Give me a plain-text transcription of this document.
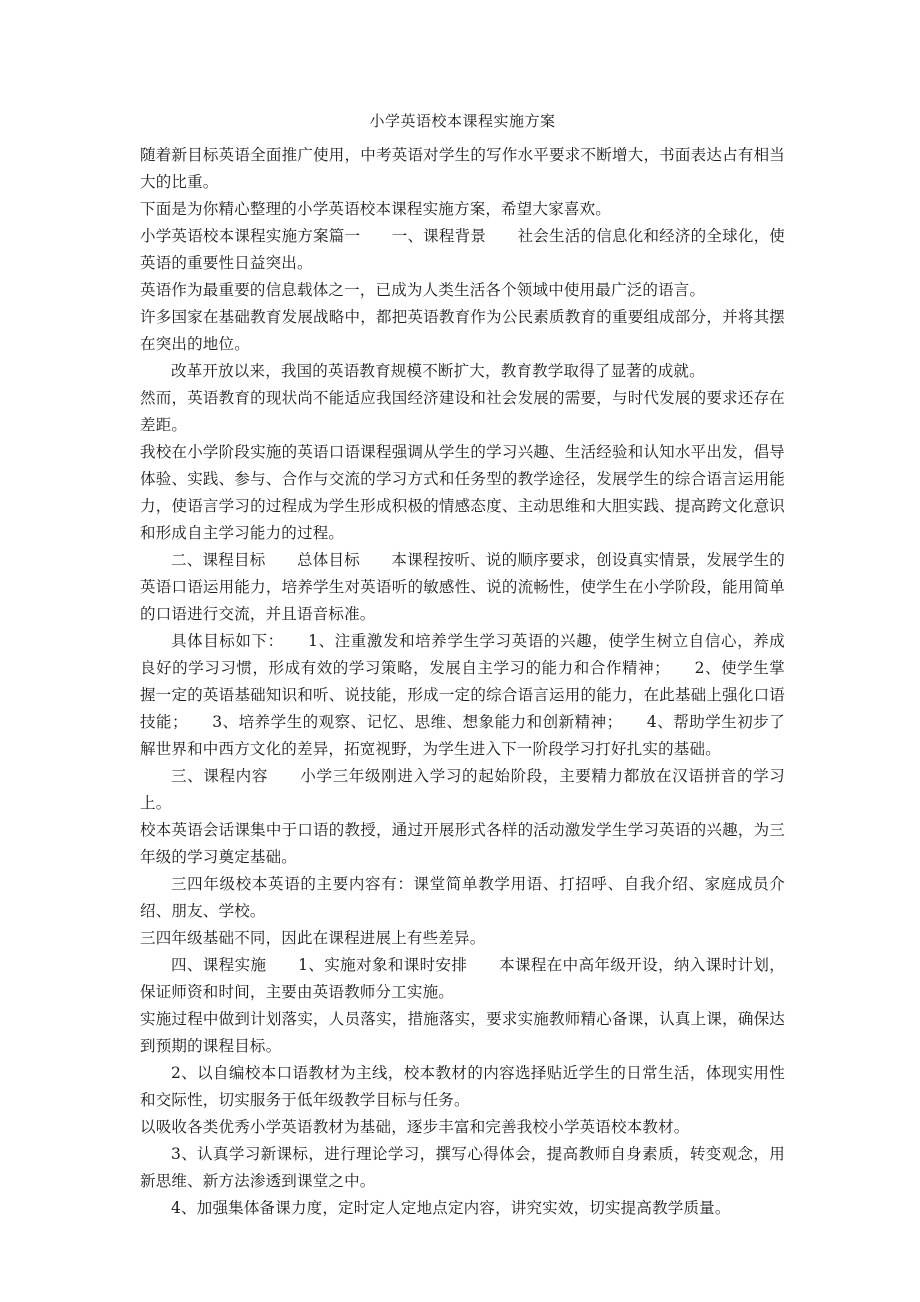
小学英语校本课程实施方案

随着新目标英语全面推广使用，中考英语对学生的写作水平要求不断增大，书面表达占有相当大的比重。

下面是为你精心整理的小学英语校本课程实施方案，希望大家喜欢。

小学英语校本课程实施方案篇一　　一、课程背景　　社会生活的信息化和经济的全球化，使英语的重要性日益突出。

英语作为最重要的信息载体之一，已成为人类生活各个领域中使用最广泛的语言。

许多国家在基础教育发展战略中，都把英语教育作为公民素质教育的重要组成部分，并将其摆在突出的地位。

改革开放以来，我国的英语教育规模不断扩大，教育教学取得了显著的成就。

然而，英语教育的现状尚不能适应我国经济建设和社会发展的需要，与时代发展的要求还存在差距。

我校在小学阶段实施的英语口语课程强调从学生的学习兴趣、生活经验和认知水平出发，倡导体验、实践、参与、合作与交流的学习方式和任务型的教学途径，发展学生的综合语言运用能力，使语言学习的过程成为学生形成积极的情感态度、主动思维和大胆实践、提高跨文化意识和形成自主学习能力的过程。

二、课程目标　　总体目标　　本课程按听、说的顺序要求，创设真实情景，发展学生的英语口语运用能力，培养学生对英语听的敏感性、说的流畅性，使学生在小学阶段，能用简单的口语进行交流，并且语音标准。

具体目标如下：　　1、注重激发和培养学生学习英语的兴趣，使学生树立自信心，养成良好的学习习惯，形成有效的学习策略，发展自主学习的能力和合作精神；　　2、使学生掌握一定的英语基础知识和听、说技能，形成一定的综合语言运用的能力，在此基础上强化口语技能；　　3、培养学生的观察、记忆、思维、想象能力和创新精神；　　4、帮助学生初步了解世界和中西方文化的差异，拓宽视野，为学生进入下一阶段学习打好扎实的基础。

三、课程内容　　小学三年级刚进入学习的起始阶段，主要精力都放在汉语拼音的学习上。

校本英语会话课集中于口语的教授，通过开展形式各样的活动激发学生学习英语的兴趣，为三年级的学习奠定基础。

三四年级校本英语的主要内容有：课堂简单教学用语、打招呼、自我介绍、家庭成员介绍、朋友、学校。

三四年级基础不同，因此在课程进展上有些差异。

四、课程实施　　1、实施对象和课时安排　　本课程在中高年级开设，纳入课时计划，保证师资和时间，主要由英语教师分工实施。

实施过程中做到计划落实，人员落实，措施落实，要求实施教师精心备课，认真上课，确保达到预期的课程目标。

2、以自编校本口语教材为主线，校本教材的内容选择贴近学生的日常生活，体现实用性和交际性，切实服务于低年级教学目标与任务。

以吸收各类优秀小学英语教材为基础，逐步丰富和完善我校小学英语校本教材。

3、认真学习新课标，进行理论学习，撰写心得体会，提高教师自身素质，转变观念，用新思维、新方法渗透到课堂之中。

4、加强集体备课力度，定时定人定地点定内容，讲究实效，切实提高教学质量。
